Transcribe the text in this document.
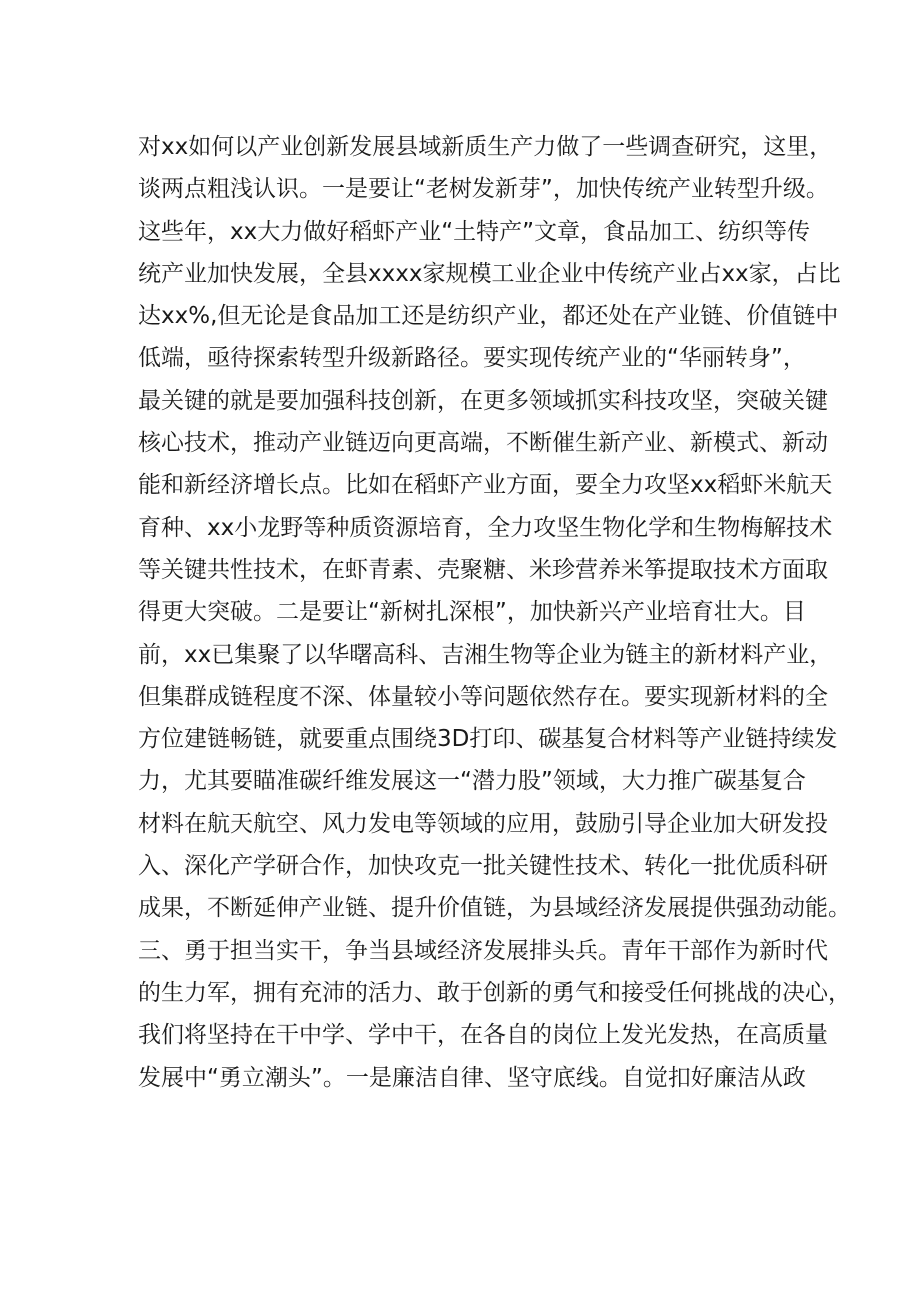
对xx如何以产业创新发展县域新质生产力做了一些调查研究，这里，
谈两点粗浅认识。一是要让“老树发新芽”，加快传统产业转型升级。
这些年，xx大力做好稻虾产业“土特产”文章，食品加工、纺织等传
统产业加快发展，全县xxxx家规模工业企业中传统产业占xx家，占比
达xx%,但无论是食品加工还是纺织产业，都还处在产业链、价值链中
低端，亟待探索转型升级新路径。要实现传统产业的“华丽转身”，
最关键的就是要加强科技创新，在更多领域抓实科技攻坚，突破关键
核心技术，推动产业链迈向更高端，不断催生新产业、新模式、新动
能和新经济增长点。比如在稻虾产业方面，要全力攻坚xx稻虾米航天
育种、xx小龙野等种质资源培育，全力攻坚生物化学和生物梅解技术
等关键共性技术，在虾青素、壳聚糖、米珍营养米筝提取技术方面取
得更大突破。二是要让“新树扎深根”，加快新兴产业培育壮大。目
前，xx已集聚了以华曙高科、吉湘生物等企业为链主的新材料产业，
但集群成链程度不深、体量较小等问题依然存在。要实现新材料的全
方位建链畅链，就要重点围绕3D打印、碳基复合材料等产业链持续发
力，尤其要瞄准碳纤维发展这一“潜力股”领域，大力推广碳基复合
材料在航天航空、风力发电等领域的应用，鼓励引导企业加大研发投
入、深化产学研合作，加快攻克一批关键性技术、转化一批优质科研
成果，不断延伸产业链、提升价值链，为县域经济发展提供强劲动能。
三、勇于担当实干，争当县域经济发展排头兵。青年干部作为新时代
的生力军，拥有充沛的活力、敢于创新的勇气和接受任何挑战的决心，
我们将坚持在干中学、学中干，在各自的岗位上发光发热，在高质量
发展中“勇立潮头”。一是廉洁自律、坚守底线。自觉扣好廉洁从政
